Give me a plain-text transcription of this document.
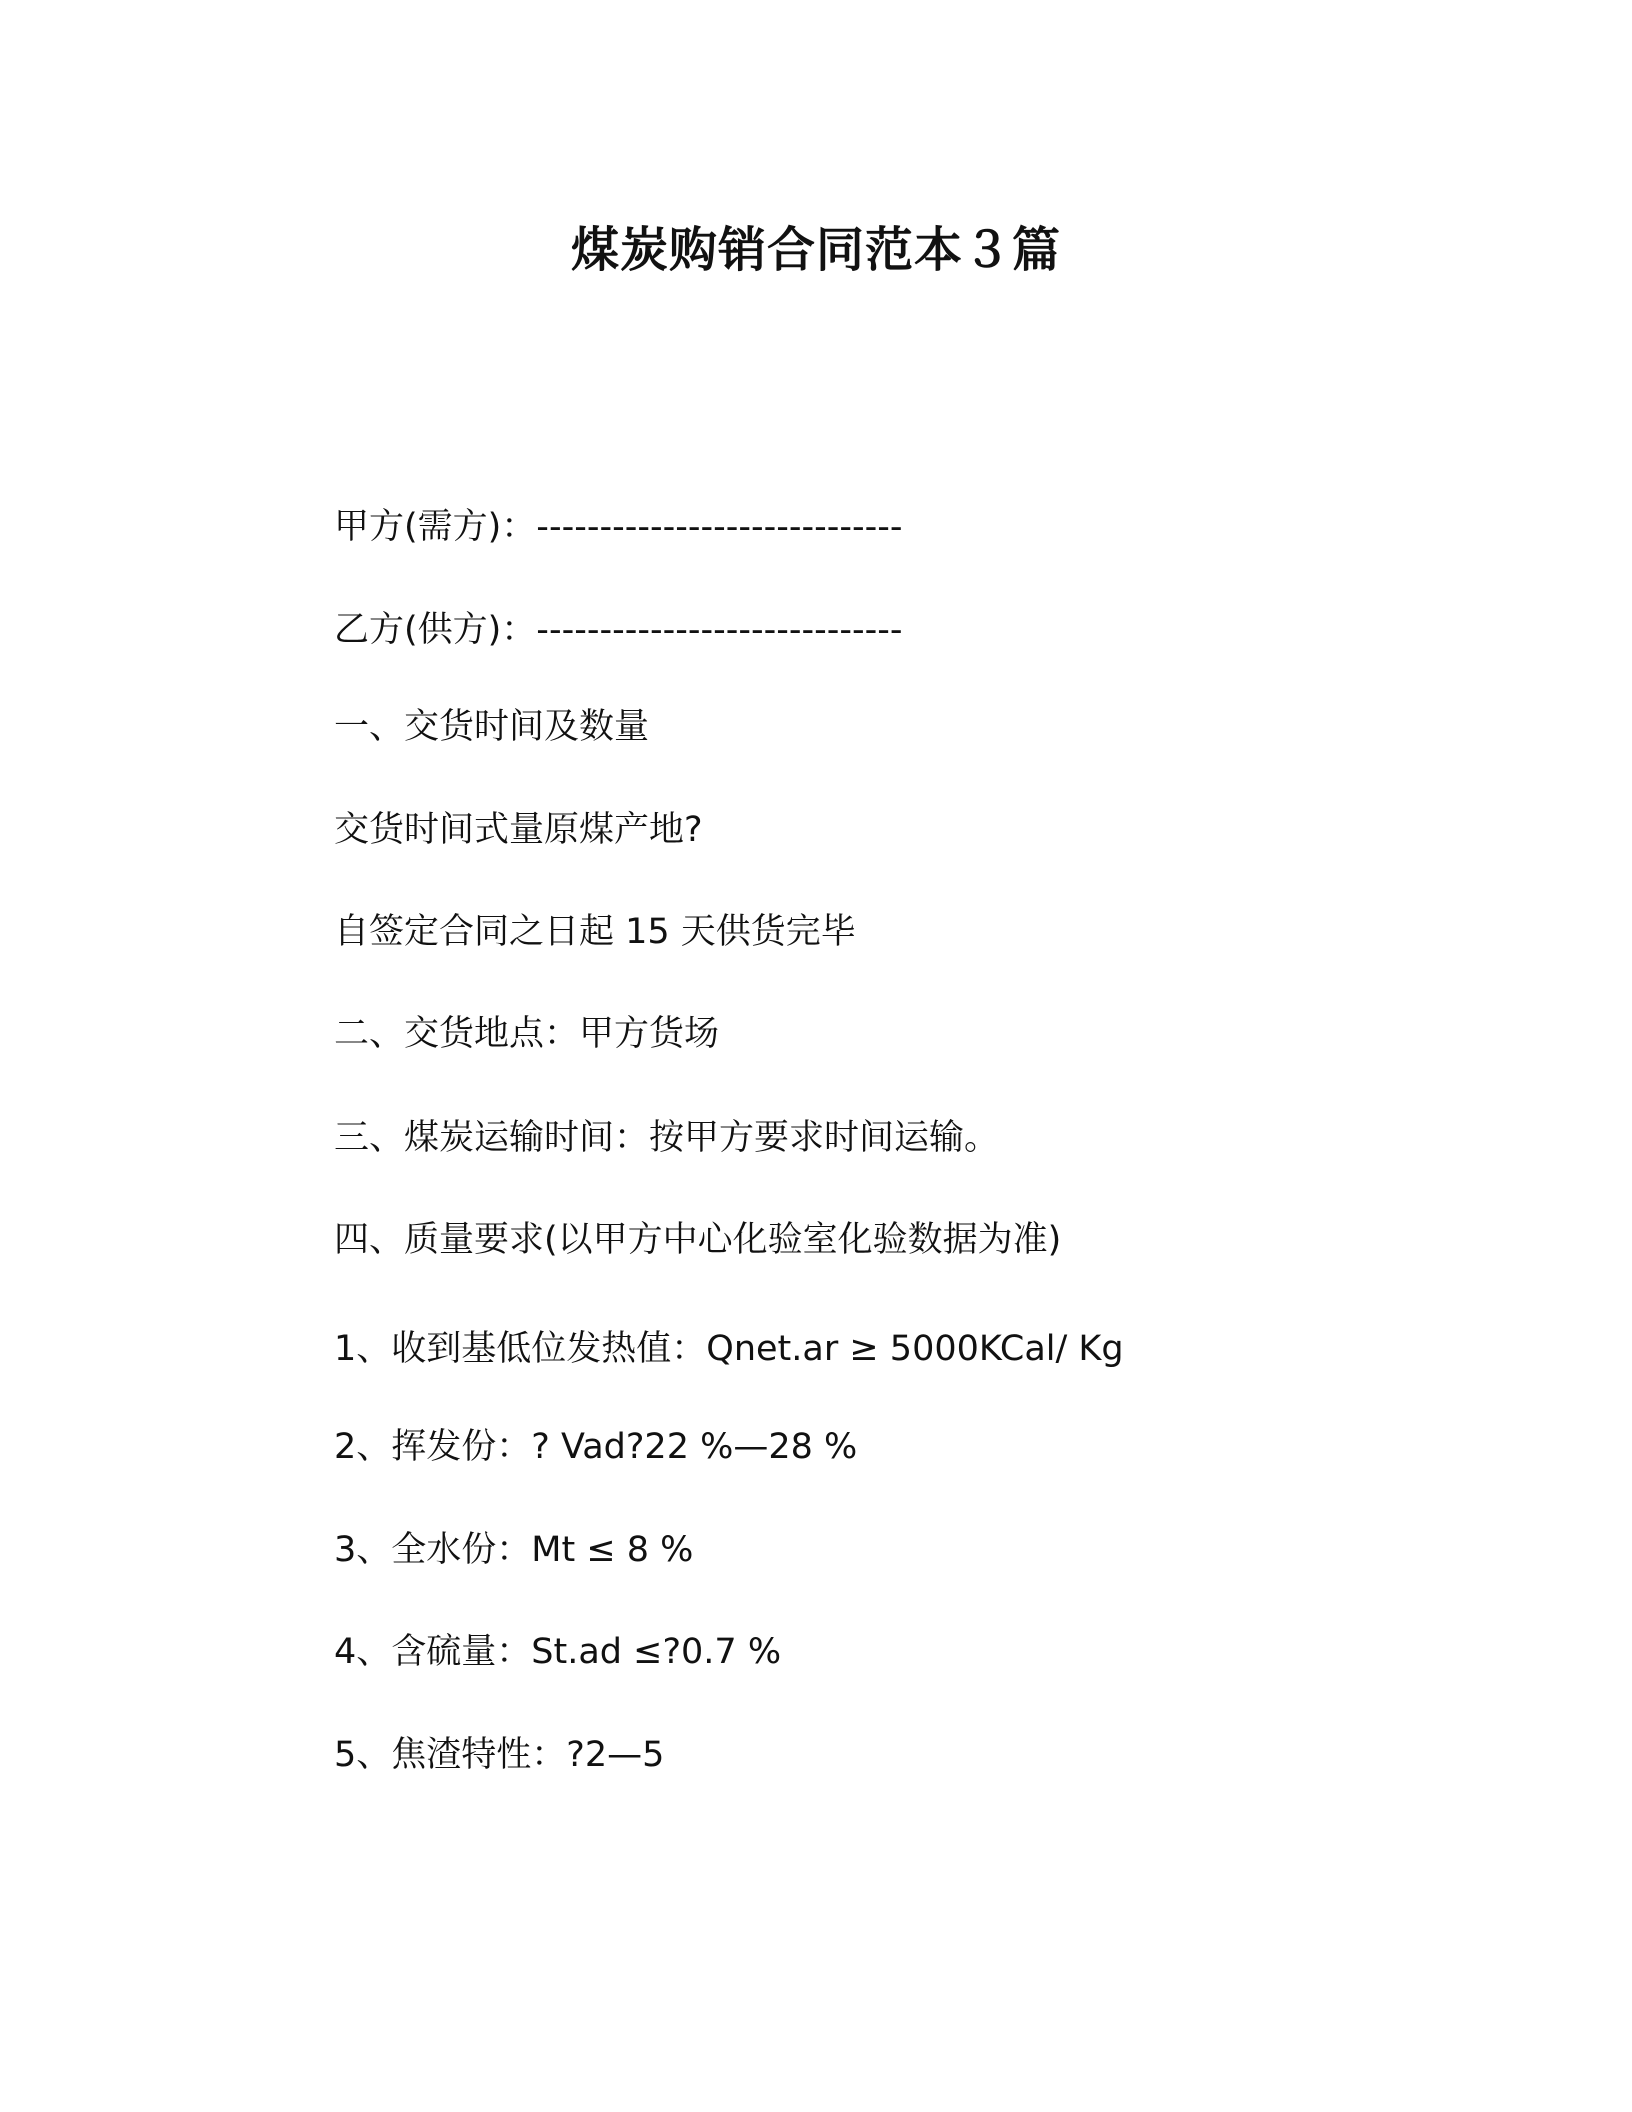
煤炭购销合同范本３篇
甲方(需方)：-----------------------------
乙方(供方)：-----------------------------
一、交货时间及数量
交货时间式量原煤产地?
自签定合同之日起 15 天供货完毕
二、交货地点：甲方货场
三、煤炭运输时间：按甲方要求时间运输。
四、质量要求(以甲方中心化验室化验数据为准)
1、收到基低位发热值：Qnet.ar ≥ 5000KCal/ Kg
2、挥发份：? Vad?22 %—28 %
3、全水份：Mt ≤ 8 %
4、含硫量：St.ad ≤?0.7 %
5、焦渣特性：?2—5
